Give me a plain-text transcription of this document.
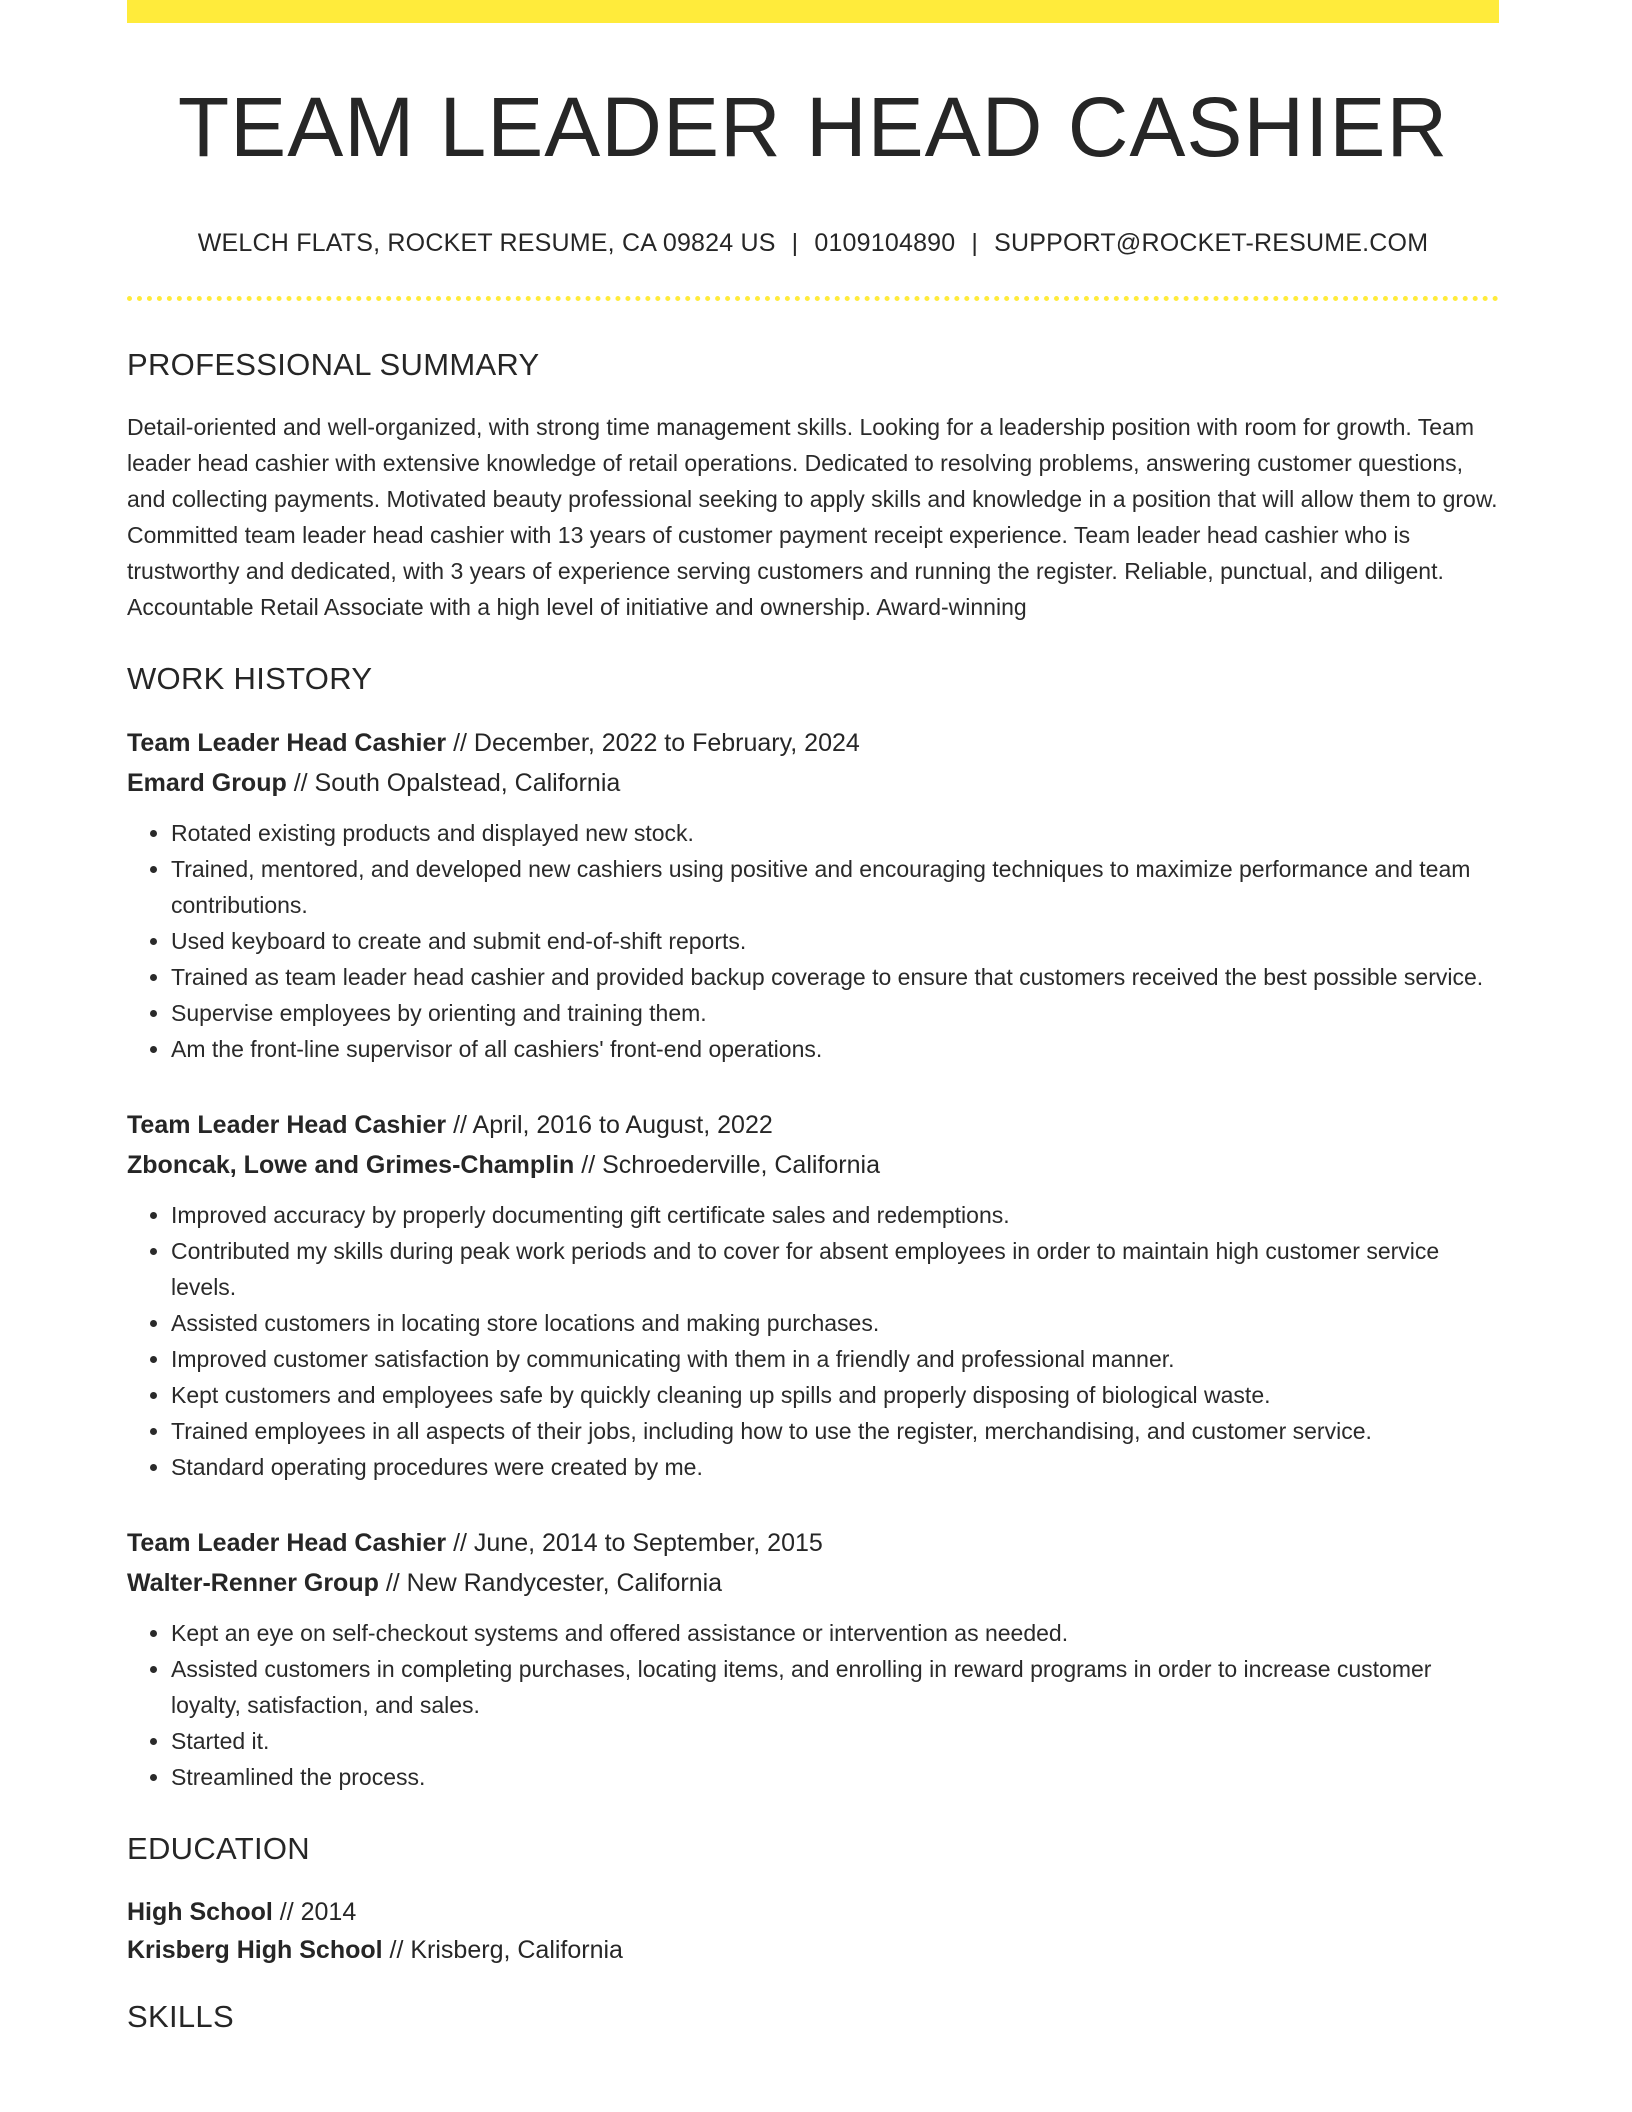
TEAM LEADER HEAD CASHIER
WELCH FLATS, ROCKET RESUME, CA 09824 US | 0109104890 | SUPPORT@ROCKET-RESUME.COM
PROFESSIONAL SUMMARY
Detail-oriented and well-organized, with strong time management skills. Looking for a leadership position with room for growth. Team leader head cashier with extensive knowledge of retail operations. Dedicated to resolving problems, answering customer questions, and collecting payments. Motivated beauty professional seeking to apply skills and knowledge in a position that will allow them to grow. Committed team leader head cashier with 13 years of customer payment receipt experience. Team leader head cashier who is trustworthy and dedicated, with 3 years of experience serving customers and running the register. Reliable, punctual, and diligent. Accountable Retail Associate with a high level of initiative and ownership. Award-winning
WORK HISTORY
Team Leader Head Cashier // December, 2022 to February, 2024
Emard Group // South Opalstead, California
• Rotated existing products and displayed new stock.
• Trained, mentored, and developed new cashiers using positive and encouraging techniques to maximize performance and team contributions.
• Used keyboard to create and submit end-of-shift reports.
• Trained as team leader head cashier and provided backup coverage to ensure that customers received the best possible service.
• Supervise employees by orienting and training them.
• Am the front-line supervisor of all cashiers' front-end operations.
Team Leader Head Cashier // April, 2016 to August, 2022
Zboncak, Lowe and Grimes-Champlin // Schroederville, California
• Improved accuracy by properly documenting gift certificate sales and redemptions.
• Contributed my skills during peak work periods and to cover for absent employees in order to maintain high customer service levels.
• Assisted customers in locating store locations and making purchases.
• Improved customer satisfaction by communicating with them in a friendly and professional manner.
• Kept customers and employees safe by quickly cleaning up spills and properly disposing of biological waste.
• Trained employees in all aspects of their jobs, including how to use the register, merchandising, and customer service.
• Standard operating procedures were created by me.
Team Leader Head Cashier // June, 2014 to September, 2015
Walter-Renner Group // New Randycester, California
• Kept an eye on self-checkout systems and offered assistance or intervention as needed.
• Assisted customers in completing purchases, locating items, and enrolling in reward programs in order to increase customer loyalty, satisfaction, and sales.
• Started it.
• Streamlined the process.
EDUCATION
High School // 2014
Krisberg High School // Krisberg, California
SKILLS
